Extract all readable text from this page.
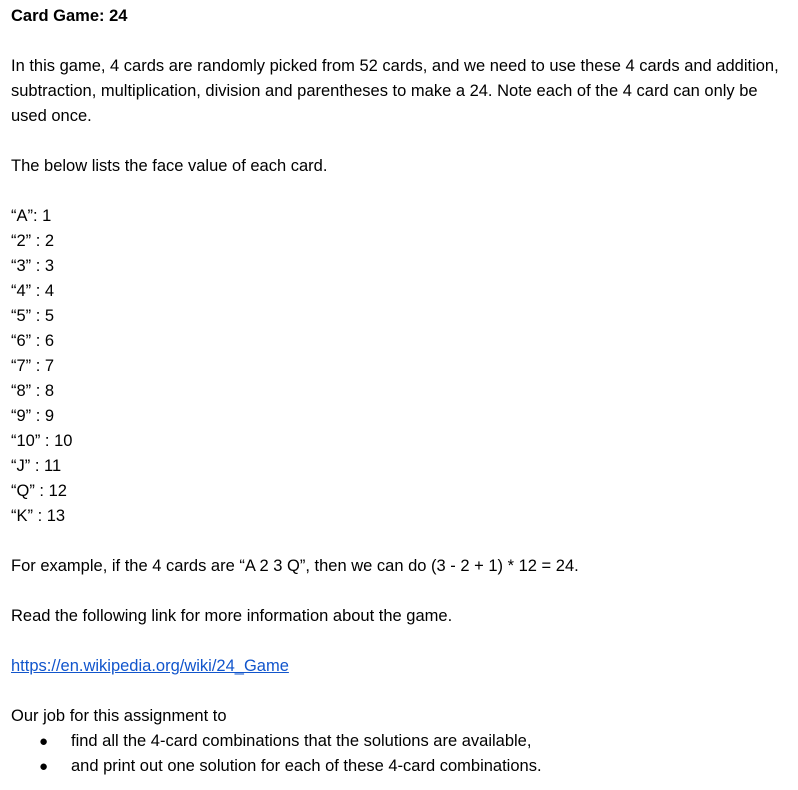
Card Game: 24
In this game, 4 cards are randomly picked from 52 cards, and we need to use these 4 cards and addition, subtraction, multiplication, division and parentheses to make a 24. Note each of the 4 card can only be used once.
The below lists the face value of each card.
“A”: 1
“2” : 2
“3” : 3
“4” : 4
“5” : 5
“6” : 6
“7” : 7
“8” : 8
“9” : 9
“10” : 10
“J” : 11
“Q” : 12
“K” : 13
For example, if the 4 cards are “A 2 3 Q”, then we can do (3 - 2 + 1) * 12 = 24.
Read the following link for more information about the game.
https://en.wikipedia.org/wiki/24_Game
Our job for this assignment to
● find all the 4-card combinations that the solutions are available,
● and print out one solution for each of these 4-card combinations.
